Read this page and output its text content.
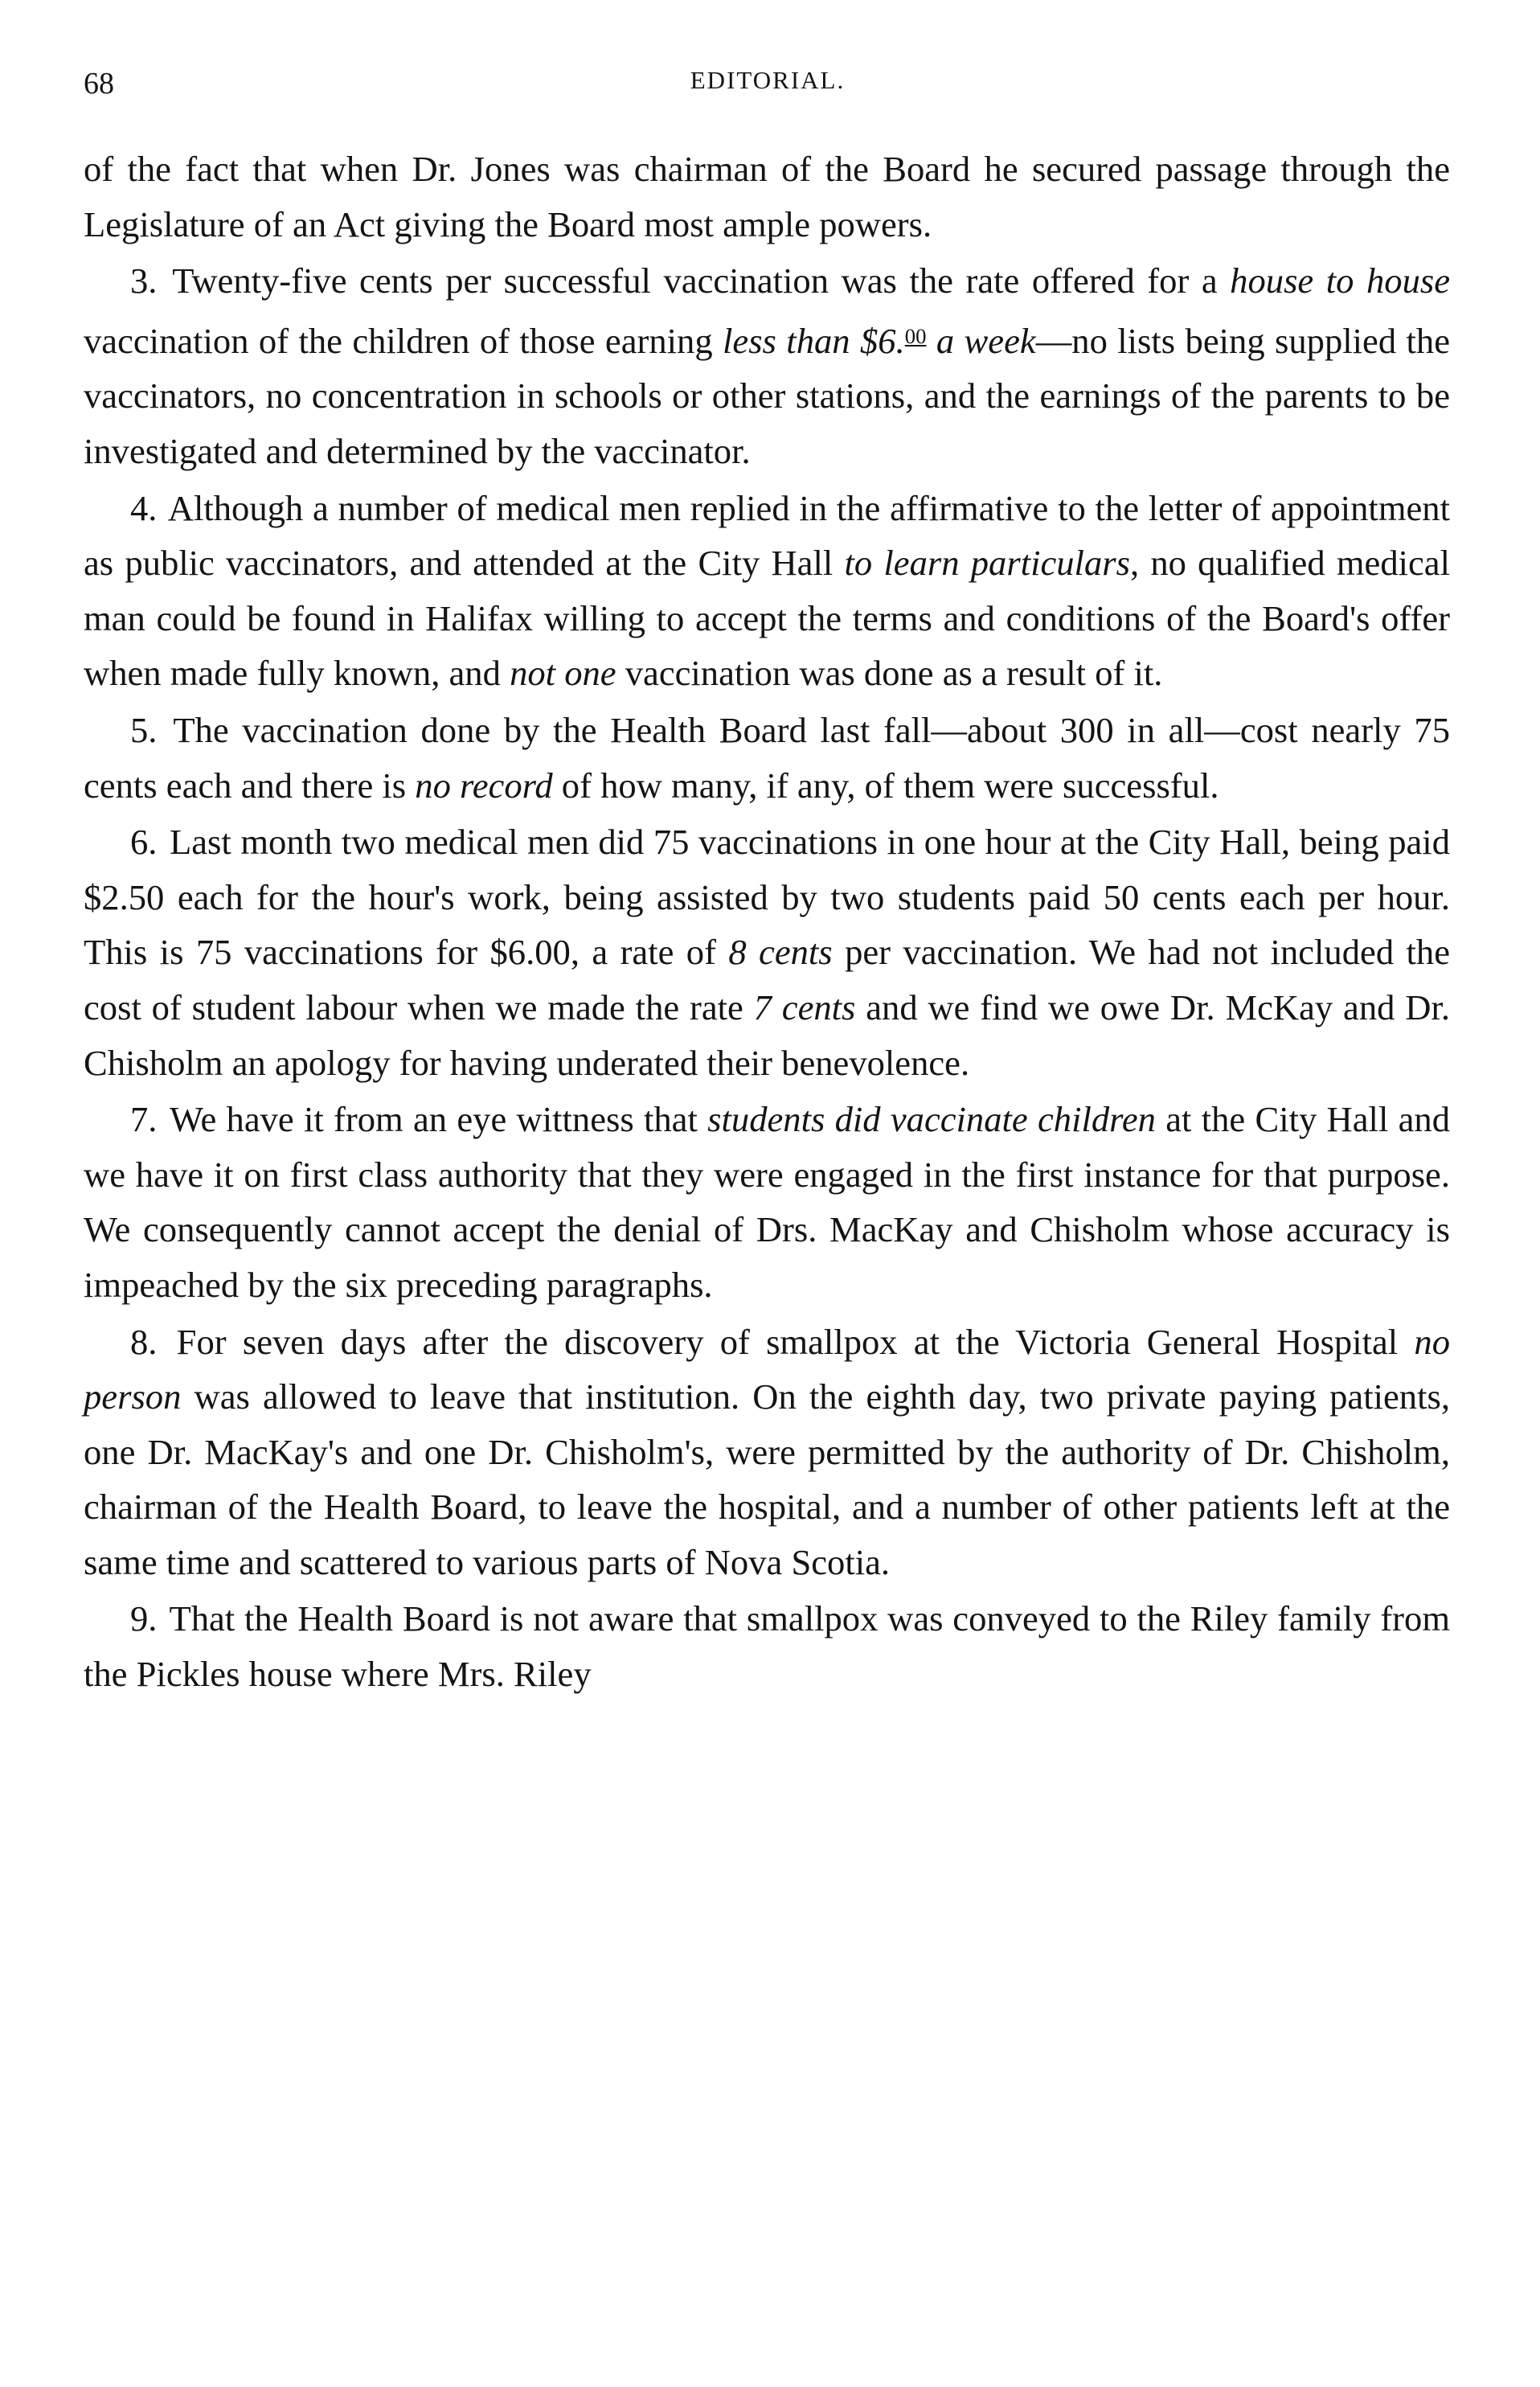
68	EDITORIAL.

of the fact that when Dr. Jones was chairman of the Board he secured passage through the Legislature of an Act giving the Board most ample powers.

3. Twenty-five cents per successful vaccination was the rate offered for a house to house vaccination of the children of those earning less than $6.00 a week—no lists being supplied the vaccinators, no concentration in schools or other stations, and the earnings of the parents to be investigated and determined by the vaccinator.

4. Although a number of medical men replied in the affirmative to the letter of appointment as public vaccinators, and attended at the City Hall to learn particulars, no qualified medical man could be found in Halifax willing to accept the terms and conditions of the Board's offer when made fully known, and not one vaccination was done as a result of it.

5. The vaccination done by the Health Board last fall—about 300 in all—cost nearly 75 cents each and there is no record of how many, if any, of them were successful.

6. Last month two medical men did 75 vaccinations in one hour at the City Hall, being paid $2.50 each for the hour's work, being assisted by two students paid 50 cents each per hour. This is 75 vaccinations for $6.00, a rate of 8 cents per vaccination. We had not included the cost of student labour when we made the rate 7 cents and we find we owe Dr. McKay and Dr. Chisholm an apology for having underated their benevolence.

7. We have it from an eye wittness that students did vaccinate children at the City Hall and we have it on first class authority that they were engaged in the first instance for that purpose. We consequently cannot accept the denial of Drs. MacKay and Chisholm whose accuracy is impeached by the six preceding paragraphs.

8. For seven days after the discovery of smallpox at the Victoria General Hospital no person was allowed to leave that institution. On the eighth day, two private paying patients, one Dr. MacKay's and one Dr. Chisholm's, were permitted by the authority of Dr. Chisholm, chairman of the Health Board, to leave the hospital, and a number of other patients left at the same time and scattered to various parts of Nova Scotia.

9. That the Health Board is not aware that smallpox was conveyed to the Riley family from the Pickles house where Mrs. Riley
